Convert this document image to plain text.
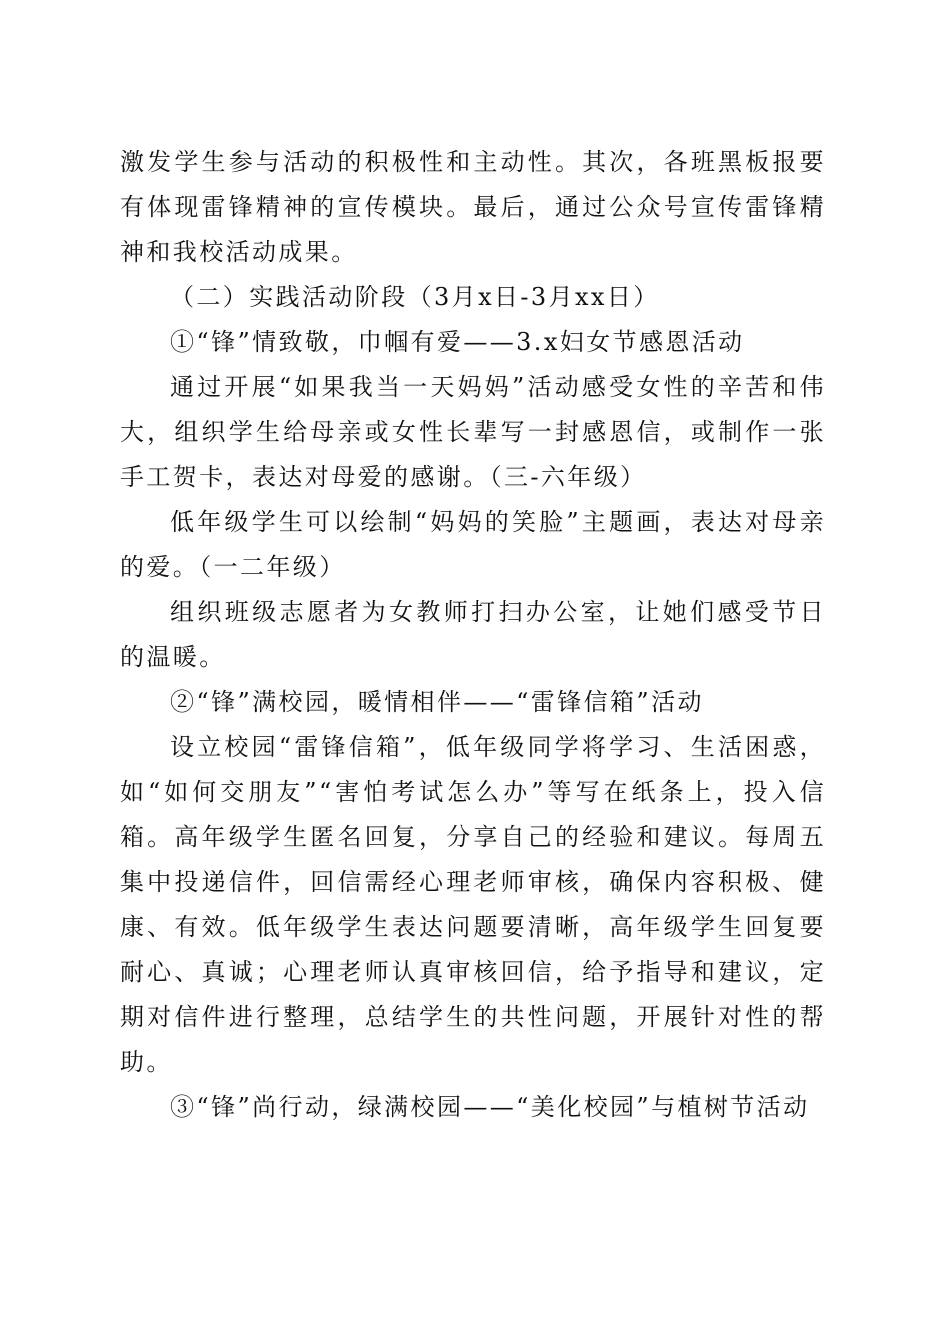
激发学生参与活动的积极性和主动性。其次，各班黑板报要有体现雷锋精神的宣传模块。最后，通过公众号宣传雷锋精神和我校活动成果。

（二）实践活动阶段（3月x日-3月xx日）

①“锋”情致敬，巾帼有爱——3.x妇女节感恩活动

通过开展“如果我当一天妈妈”活动感受女性的辛苦和伟大，组织学生给母亲或女性长辈写一封感恩信，或制作一张手工贺卡，表达对母爱的感谢。（三-六年级）

低年级学生可以绘制“妈妈的笑脸”主题画，表达对母亲的爱。（一二年级）

组织班级志愿者为女教师打扫办公室，让她们感受节日的温暖。

②“锋”满校园，暖情相伴——“雷锋信箱”活动

设立校园“雷锋信箱”，低年级同学将学习、生活困惑，如“如何交朋友”“害怕考试怎么办”等写在纸条上，投入信箱。高年级学生匿名回复，分享自己的经验和建议。每周五集中投递信件，回信需经心理老师审核，确保内容积极、健康、有效。低年级学生表达问题要清晰，高年级学生回复要耐心、真诚；心理老师认真审核回信，给予指导和建议，定期对信件进行整理，总结学生的共性问题，开展针对性的帮助。

③“锋”尚行动，绿满校园——“美化校园”与植树节活动
